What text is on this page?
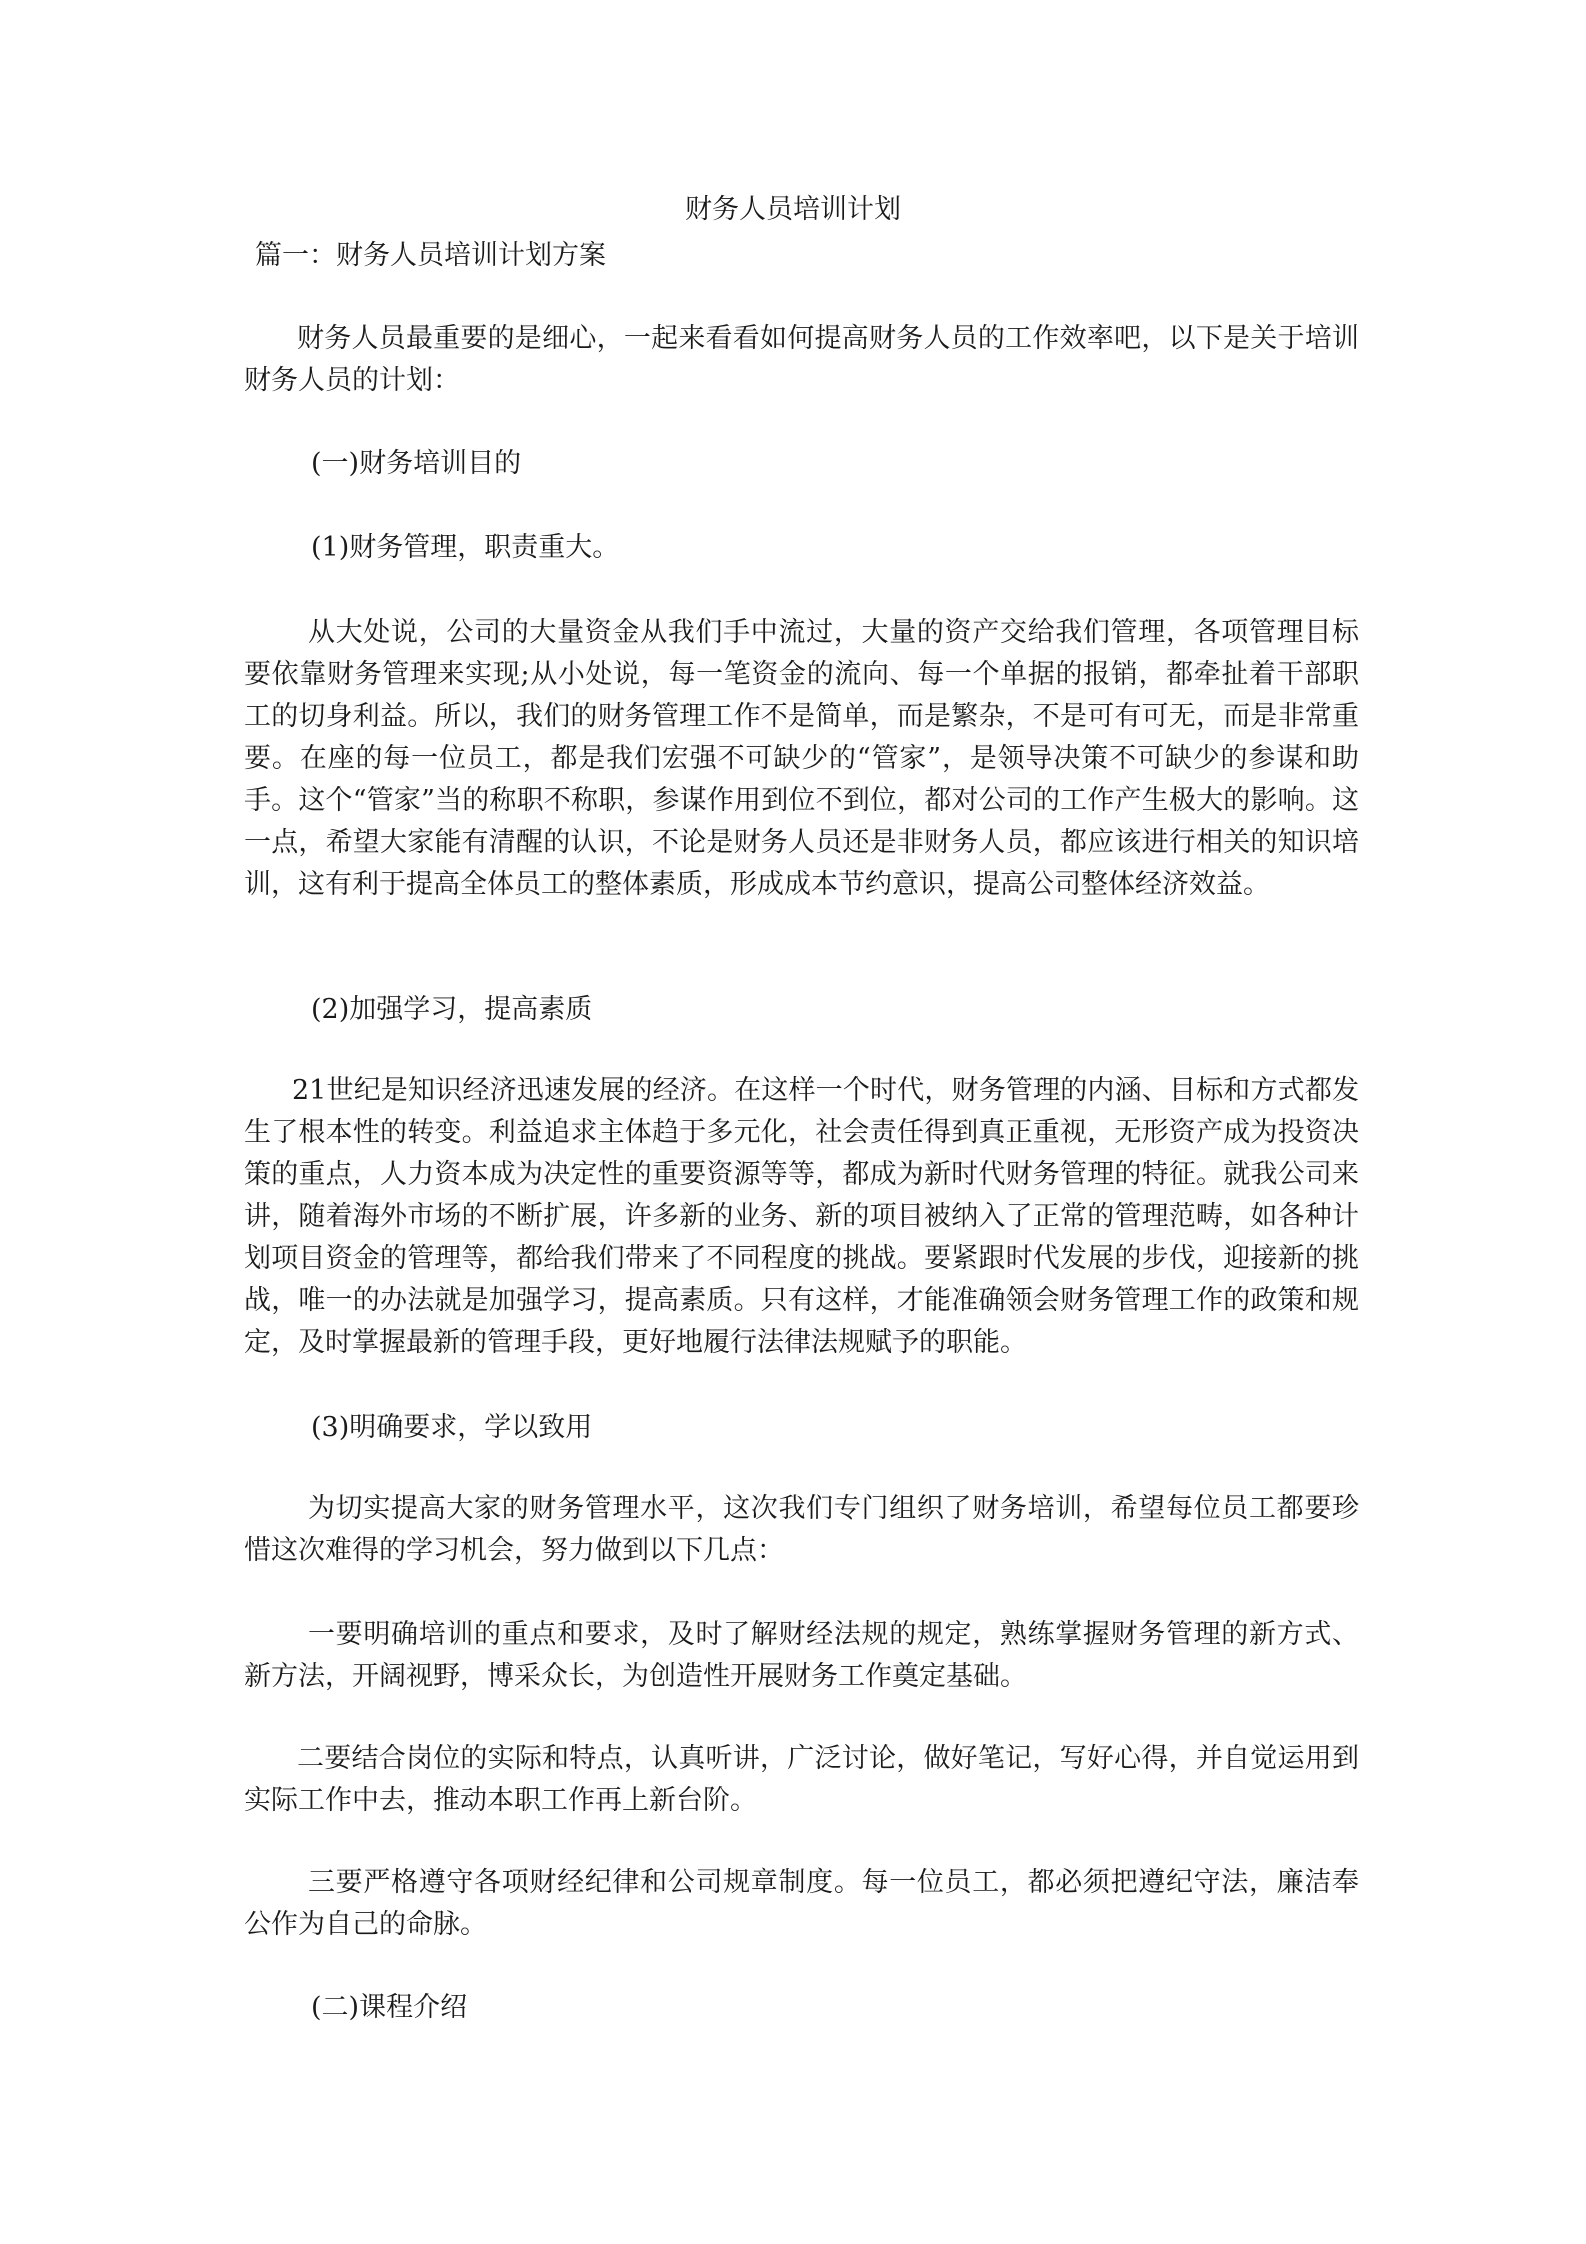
财务人员培训计划
篇一：财务人员培训计划方案

财务人员最重要的是细心，一起来看看如何提高财务人员的工作效率吧，以下是关于培训财务人员的计划：

(一)财务培训目的
(1)财务管理，职责重大。

从大处说，公司的大量资金从我们手中流过，大量的资产交给我们管理，各项管理目标要依靠财务管理来实现;从小处说，每一笔资金的流向、每一个单据的报销，都牵扯着干部职工的切身利益。所以，我们的财务管理工作不是简单，而是繁杂，不是可有可无，而是非常重要。在座的每一位员工，都是我们宏强不可缺少的“管家”，是领导决策不可缺少的参谋和助手。这个“管家”当的称职不称职，参谋作用到位不到位，都对公司的工作产生极大的影响。这一点，希望大家能有清醒的认识，不论是财务人员还是非财务人员，都应该进行相关的知识培训，这有利于提高全体员工的整体素质，形成成本节约意识，提高公司整体经济效益。

(2)加强学习，提高素质

21世纪是知识经济迅速发展的经济。在这样一个时代，财务管理的内涵、目标和方式都发生了根本性的转变。利益追求主体趋于多元化，社会责任得到真正重视，无形资产成为投资决策的重点，人力资本成为决定性的重要资源等等，都成为新时代财务管理的特征。就我公司来讲，随着海外市场的不断扩展，许多新的业务、新的项目被纳入了正常的管理范畴，如各种计划项目资金的管理等，都给我们带来了不同程度的挑战。要紧跟时代发展的步伐，迎接新的挑战，唯一的办法就是加强学习，提高素质。只有这样，才能准确领会财务管理工作的政策和规定，及时掌握最新的管理手段，更好地履行法律法规赋予的职能。

(3)明确要求，学以致用

为切实提高大家的财务管理水平，这次我们专门组织了财务培训，希望每位员工都要珍惜这次难得的学习机会，努力做到以下几点：

一要明确培训的重点和要求，及时了解财经法规的规定，熟练掌握财务管理的新方式、新方法，开阔视野，博采众长，为创造性开展财务工作奠定基础。

二要结合岗位的实际和特点，认真听讲，广泛讨论，做好笔记，写好心得，并自觉运用到实际工作中去，推动本职工作再上新台阶。

三要严格遵守各项财经纪律和公司规章制度。每一位员工，都必须把遵纪守法，廉洁奉公作为自己的命脉。

(二)课程介绍
